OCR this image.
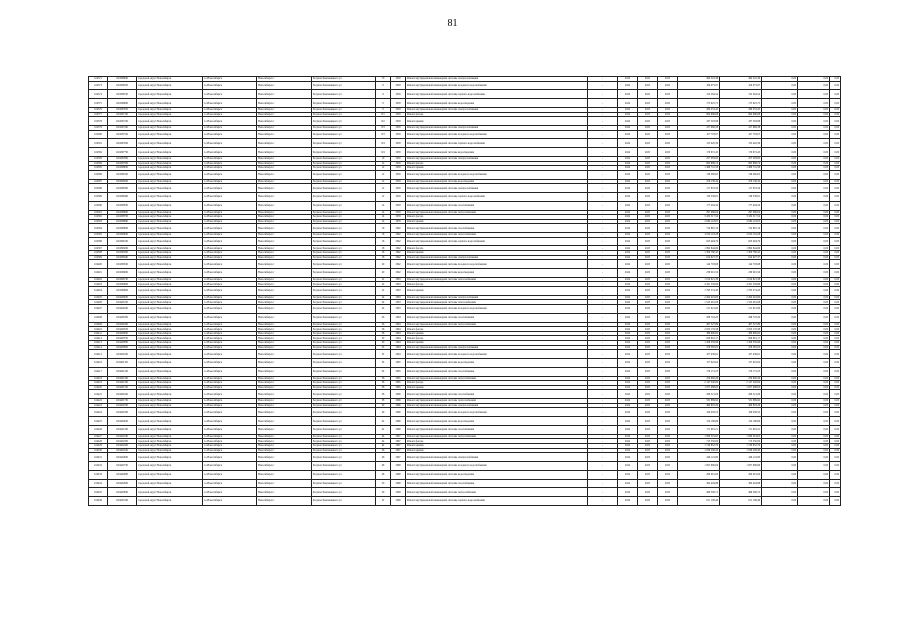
81
104372	1104396001	городской округ Новосибирск	г.о.Новосибирск	Новосибирск г	Богдана Хмельницкого ул	70	1959	Ремонт внутридомовой инженерной системы электроснабжения	-	2024	2025	2025	464 516,36	464 516,36	0,00	0,00	0,00
104373	1104396501	городской округ Новосибирск	г.о.Новосибирск	Новосибирск г	Богдана Хмельницкого ул	8	1958	Ремонт внутридомовой инженерной системы холодного водоснабжения	-	2024	2025	2025	109 075,87	109 075,87	0,00	0,00	0,00
104374	1104396701	городской округ Новосибирск	г.о.Новосибирск	Новосибирск г	Богдана Хмельницкого ул	8	1958	Ремонт внутридомовой инженерной системы горячего водоснабжения	-	2024	2025	2025	152 264,54	152 264,54	0,00	0,00	0,00
104375	1104396801	городской округ Новосибирск	г.о.Новосибирск	Новосибирск г	Богдана Хмельницкого ул	8	1958	Ремонт внутридомовой инженерной системы водоотведения	-	2024	2025	2025	175 625,75	175 625,75	0,00	0,00	0,00
104376	1104397001	городской округ Новосибирск	г.о.Новосибирск	Новосибирск г	Богдана Хмельницкого ул	8	1958	Ремонт внутридомовой инженерной системы электроснабжения	-	2024	2025	2025	280 253,45	280 253,45	0,00	0,00	0,00
104377	1104397101	городской округ Новосибирск	г.о.Новосибирск	Новосибирск г	Богдана Хмельницкого ул	8/1	1958	Ремонт фасада	-	2024	2025	2025	964 996,68	964 996,68	0,00	0,00	0,00
104378	1104397201	городской округ Новосибирск	г.о.Новосибирск	Новосибирск г	Богдана Хмельницкого ул	8/2	1958	Ремонт крыши	-	2024	2025	2025	187 593,98	187 593,98	0,00	0,00	0,00
104379	1104397401	городской округ Новосибирск	г.о.Новосибирск	Новосибирск г	Богдана Хмельницкого ул	8/3	1958	Ремонт внутридомовой инженерной системы электроснабжения	-	2024	2025	2025	417 966,38	417 966,38	0,00	0,00	0,00
104380	1104397501	городской округ Новосибирск	г.о.Новосибирск	Новосибирск г	Богдана Хмельницкого ул	8/3	1958	Ремонт внутридомовой инженерной системы холодного водоснабжения	-	2024	2025	2025	107 703,07	107 703,07	0,00	0,00	0,00
104381	1104397601	городской округ Новосибирск	г.о.Новосибирск	Новосибирск г	Богдана Хмельницкого ул	8/4	1958	Ремонт внутридомовой инженерной системы горячего водоснабжения	-	2024	2025	2025	153 420,39	153 420,39	0,00	0,00	0,00
104382	1104397701	городской округ Новосибирск	г.о.Новосибирск	Новосибирск г	Богдана Хмельницкого ул	8/4	1958	Ремонт внутридомовой инженерной системы водоотведения	-	2024	2025	2025	170 672,45	170 672,45	0,00	0,00	0,00
104383	1104397801	городской округ Новосибирск	г.о.Новосибирск	Новосибирск г	Богдана Хмельницкого ул	10	1959	Ремонт внутридомовой инженерной системы электроснабжения	-	2024	2025	2025	257 283,65	257 283,65	0,00	0,00	0,00
104384	1104397901	городской округ Новосибирск	г.о.Новосибирск	Новосибирск г	Богдана Хмельницкого ул	12	1959	Ремонт фасада	-	2024	2025	2025	965 889,74	965 889,74	0,00	0,00	0,00
104385	1104398001	городской округ Новосибирск	г.о.Новосибирск	Новосибирск г	Богдана Хмельницкого ул	12	1959	Ремонт крыши	-	2024	2025	2025	1 489 741,58	1 489 741,58	0,00	0,00	0,00
104386	1104398101	городской округ Новосибирск	г.о.Новосибирск	Новосибирск г	Богдана Хмельницкого ул	12	1959	Ремонт внутридомовой инженерной системы холодного водоснабжения	-	2024	2025	2025	139 260,65	139 260,65	0,00	0,00	0,00
104387	1104398201	городской округ Новосибирск	г.о.Новосибирск	Новосибирск г	Богдана Хмельницкого ул	12	1959	Ремонт внутридомовой инженерной системы водоотведения	-	2024	2025	2025	476 136,34	476 136,34	0,00	0,00	0,00
104388	1104398301	городской округ Новосибирск	г.о.Новосибирск	Новосибирск г	Богдана Хмельницкого ул	12	1959	Ремонт внутридомовой инженерной системы электроснабжения	-	2024	2025	2025	117 853,56	117 853,56	0,00	0,00	0,00
104389	1104398401	городской округ Новосибирск	г.о.Новосибирск	Новосибирск г	Богдана Хмельницкого ул	12	1959	Ремонт внутридомовой инженерной системы горячего водоснабжения	-	2024	2025	2025	139 538,81	139 538,81	0,00	0,00	0,00
104390	1104398501	городской округ Новосибирск	г.о.Новосибирск	Новосибирск г	Богдана Хмельницкого ул	14	1958	Ремонт внутридомовой инженерной системы газоснабжения	-	2024	2025	2025	177 404,34	177 404,34	0,00	0,00	0,00
104391	1104398601	городской округ Новосибирск	г.о.Новосибирск	Новосибирск г	Богдана Хмельницкого ул	14	1958	Ремонт внутридомовой инженерной системы теплоснабжения	-	2024	2025	2025	297 486,04	297 486,04	0,00	0,00	0,00
104392	1104398701	городской округ Новосибирск	г.о.Новосибирск	Новосибирск г	Богдана Хмельницкого ул	14	1958	Ремонт фасада	-	2024	2025	2025	3 432 517,54	3 432 517,54	0,00	0,00	0,00
104393	1104398801	городской округ Новосибирск	г.о.Новосибирск	Новосибирск г	Богдана Хмельницкого ул	14	1958	Ремонт крыши	-	2024	2025	2025	2 084 118,05	2 084 118,05	0,00	0,00	0,00
104394	1104398901	городской округ Новосибирск	г.о.Новосибирск	Новосибирск г	Богдана Хмельницкого ул	16	1962	Ремонт внутридомовой инженерной системы газоснабжения	-	2024	2025	2025	722 867,16	722 867,16	0,00	0,00	0,00
104395	1104399001	городской округ Новосибирск	г.о.Новосибирск	Новосибирск г	Богдана Хмельницкого ул	16	1962	Ремонт внутридомовой инженерной системы теплоснабжения	-	2024	2025	2025	2 054 116,28	2 054 116,28	0,00	0,00	0,00
104396	1104399101	городской округ Новосибирск	г.о.Новосибирск	Новосибирск г	Богдана Хмельницкого ул	16	1962	Ремонт внутридомовой инженерной системы горячего водоснабжения	-	2024	2025	2025	623 494,79	623 494,79	0,00	0,00	0,00
104397	1104399201	городской округ Новосибирск	г.о.Новосибирск	Новосибирск г	Богдана Хмельницкого ул	18	1962	Ремонт фасада	-	2024	2025	2025	1 892 844,69	1 892 844,69	0,00	0,00	0,00
104398	1104399301	городской округ Новосибирск	г.о.Новосибирск	Новосибирск г	Богдана Хмельницкого ул	18	1962	Ремонт крыши	-	2024	2025	2025	1 300 780,45	1 300 780,45	0,00	0,00	0,00
104399	1104399401	городской округ Новосибирск	г.о.Новосибирск	Новосибирск г	Богдана Хмельницкого ул	18	1962	Ремонт внутридомовой инженерной системы электроснабжения	-	2024	2025	2025	614 927,37	614 927,37	0,00	0,00	0,00
104400	1104399501	городской округ Новосибирск	г.о.Новосибирск	Новосибирск г	Богдана Хмельницкого ул	20	1962	Ремонт внутридомовой инженерной системы холодного водоснабжения	-	2024	2025	2025	144 703,68	144 703,68	0,00	0,00	0,00
104401	1104399601	городской округ Новосибирск	г.о.Новосибирск	Новосибирск г	Богдана Хмельницкого ул	20	1962	Ремонт внутридомовой инженерной системы водоотведения	-	2024	2025	2025	239 091,56	239 091,56	0,00	0,00	0,00
104402	1104399701	городской округ Новосибирск	г.о.Новосибирск	Новосибирск г	Богдана Хмельницкого ул	22	1963	Ремонт внутридомовой инженерной системы теплоснабжения	-	2024	2025	2025	1 014 621,38	1 014 621,38	0,00	0,00	0,00
104403	1104399801	городской округ Новосибирск	г.о.Новосибирск	Новосибирск г	Богдана Хмельницкого ул	22	1963	Ремонт фасада	-	2024	2025	2025	4 291 558,86	4 291 558,86	0,00	0,00	0,00
104404	1104399901	городской округ Новосибирск	г.о.Новосибирск	Новосибирск г	Богдана Хмельницкого ул	22	1963	Ремонт крыши	-	2024	2025	2025	1 793 574,43	1 793 574,43	0,00	0,00	0,00
104405	1104400001	городской округ Новосибирск	г.о.Новосибирск	Новосибирск г	Богдана Хмельницкого ул	24	1963	Ремонт внутридомовой инженерной системы электроснабжения	-	2024	2025	2025	2 204 419,60	2 204 419,60	0,00	0,00	0,00
104406	1104400101	городской округ Новосибирск	г.о.Новосибирск	Новосибирск г	Богдана Хмельницкого ул	24	1963	Ремонт внутридомовой инженерной системы теплоснабжения	-	2024	2025	2025	1 525 481,08	1 525 481,08	0,00	0,00	0,00
104407	1104400201	городской округ Новосибирск	г.о.Новосибирск	Новосибирск г	Богдана Хмельницкого ул	24	1963	Ремонт внутридомовой инженерной системы холодного водоснабжения	-	2024	2025	2025	211 921,80	211 921,80	0,00	0,00	0,00
104408	1104400301	городской округ Новосибирск	г.о.Новосибирск	Новосибирск г	Богдана Хмельницкого ул	26	1964	Ремонт внутридомовой инженерной системы газоснабжения	-	2024	2025	2025	268 718,20	268 718,20	0,00	0,00	0,00
104409	1104400401	городской округ Новосибирск	г.о.Новосибирск	Новосибирск г	Богдана Хмельницкого ул	26	1964	Ремонт внутридомовой инженерной системы теплоснабжения	-	2024	2025	2025	467 327,89	467 327,89	0,00	0,00	0,00
104410	1104400501	городской округ Новосибирск	г.о.Новосибирск	Новосибирск г	Богдана Хмельницкого ул	28	1964	Ремонт фасада	-	2024	2025	2025	2 053 176,38	2 053 176,38	0,00	0,00	0,00
104411	1104400601	городской округ Новосибирск	г.о.Новосибирск	Новосибирск г	Богдана Хмельницкого ул	28	1964	Ремонт крыши	-	2024	2025	2025	386 990,82	386 990,82	0,00	0,00	0,00
104412	1104400701	городской округ Новосибирск	г.о.Новосибирск	Новосибирск г	Богдана Хмельницкого ул	30	1964	Ремонт фасада	-	2024	2025	2025	826 891,17	826 891,17	0,00	0,00	0,00
104413	1104400801	городской округ Новосибирск	г.о.Новосибирск	Новосибирск г	Богдана Хмельницкого ул	30	1964	Ремонт крыши	-	2024	2025	2025	1 426 359,96	1 426 359,96	0,00	0,00	0,00
104414	1104400901	городской округ Новосибирск	г.о.Новосибирск	Новосибирск г	Богдана Хмельницкого ул	32	1964	Ремонт внутридомовой инженерной системы электроснабжения	-	2024	2025	2025	476 365,05	476 365,05	0,00	0,00	0,00
104415	1104401001	городской округ Новосибирск	г.о.Новосибирск	Новосибирск г	Богдана Хмельницкого ул	32	1964	Ремонт внутридомовой инженерной системы холодного водоснабжения	-	2024	2025	2025	107 439,81	107 439,81	0,00	0,00	0,00
104416	1104401101	городской округ Новосибирск	г.о.Новосибирск	Новосибирск г	Богдана Хмельницкого ул	34	1965	Ремонт внутридомовой инженерной системы водоотведения	-	2024	2025	2025	157 022,62	157 022,62	0,00	0,00	0,00
104417	1104401201	городской округ Новосибирск	г.о.Новосибирск	Новосибирск г	Богдана Хмельницкого ул	34	1965	Ремонт внутридомовой инженерной системы газоснабжения	-	2024	2025	2025	176 172,23	176 172,23	0,00	0,00	0,00
104418	1104401301	городской округ Новосибирск	г.о.Новосибирск	Новосибирск г	Богдана Хмельницкого ул	36	1965	Ремонт внутридомовой инженерной системы теплоснабжения	-	2024	2025	2025	250 900,29	250 900,29	0,00	0,00	0,00
104419	1104401401	городской округ Новосибирск	г.о.Новосибирск	Новосибирск г	Богдана Хмельницкого ул	36	1965	Ремонт фасада	-	2024	2025	2025	2 147 540,84	2 147 540,84	0,00	0,00	0,00
104420	1104401501	городской округ Новосибирск	г.о.Новосибирск	Новосибирск г	Богдана Хмельницкого ул	36	1965	Ремонт крыши	-	2024	2025	2025	1 057 488,63	1 057 488,63	0,00	0,00	0,00
104421	1104401601	городской округ Новосибирск	г.о.Новосибирск	Новосибирск г	Богдана Хмельницкого ул	38	1966	Ремонт внутридомовой инженерной системы газоснабжения	-	2024	2025	2025	266 521,06	266 521,06	0,00	0,00	0,00
104422	1104401701	городской округ Новосибирск	г.о.Новосибирск	Новосибирск г	Богдана Хмельницкого ул	38	1966	Ремонт внутридомовой инженерной системы теплоснабжения	-	2024	2025	2025	531 889,92	531 889,92	0,00	0,00	0,00
104423	1104401801	городской округ Новосибирск	г.о.Новосибирск	Новосибирск г	Богдана Хмельницкого ул	40	1966	Ремонт внутридомовой инженерной системы электроснабжения	-	2024	2025	2025	460 803,29	460 803,29	0,00	0,00	0,00
104424	1104401901	городской округ Новосибирск	г.о.Новосибирск	Новосибирск г	Богдана Хмельницкого ул	40	1966	Ремонт внутридомовой инженерной системы холодного водоснабжения	-	2024	2025	2025	109 458,53	109 458,53	0,00	0,00	0,00
104425	1104402001	городской округ Новосибирск	г.о.Новосибирск	Новосибирск г	Богдана Хмельницкого ул	42	1966	Ремонт внутридомовой инженерной системы водоотведения	-	2024	2025	2025	154 186,69	154 186,69	0,00	0,00	0,00
104426	1104402101	городской округ Новосибирск	г.о.Новосибирск	Новосибирск г	Богдана Хмельницкого ул	42	1966	Ремонт внутридомовой инженерной системы газоснабжения	-	2024	2025	2025	171 681,21	171 681,21	0,00	0,00	0,00
104427	1104402201	городской округ Новосибирск	г.о.Новосибирск	Новосибирск г	Богдана Хмельницкого ул	44	1967	Ремонт внутридомовой инженерной системы теплоснабжения	-	2024	2025	2025	1 090 319,65	1 090 319,65	0,00	0,00	0,00
104428	1104402301	городской округ Новосибирск	г.о.Новосибирск	Новосибирск г	Богдана Хмельницкого ул	44	1967	Ремонт фасада	-	2024	2025	2025	713 550,00	713 550,00	0,00	0,00	0,00
104429	1104402401	городской округ Новосибирск	г.о.Новосибирск	Новосибирск г	Богдана Хмельницкого ул	44	1967	Ремонт крыши	-	2024	2025	2025	1 740 852,79	1 740 852,79	0,00	0,00	0,00
104430	1104402501	городской округ Новосибирск	г.о.Новосибирск	Новосибирск г	Богдана Хмельницкого ул	46	1967	Ремонт крыши	-	2024	2025	2025	1 636 208,40	1 636 208,40	0,00	0,00	0,00
104431	1104402601	городской округ Новосибирск	г.о.Новосибирск	Новосибирск г	Богдана Хмельницкого ул	46	1967	Ремонт внутридомовой инженерной системы электроснабжения	-	2024	2025	2025	446 122,80	446 122,80	0,00	0,00	0,00
104432	1104402701	городской округ Новосибирск	г.о.Новосибирск	Новосибирск г	Богдана Хмельницкого ул	48	1968	Ремонт внутридомовой инженерной системы холодного водоснабжения	-	2024	2025	2025	1 097 996,66	1 097 996,66	0,00	0,00	0,00
104433	1104402801	городской округ Новосибирск	г.о.Новосибирск	Новосибирск г	Богдана Хмельницкого ул	48	1968	Ремонт внутридомовой инженерной системы водоотведения	-	2024	2025	2025	290 091,84	290 091,84	0,00	0,00	0,00
104434	1104402901	городской округ Новосибирск	г.о.Новосибирск	Новосибирск г	Богдана Хмельницкого ул	50	1968	Ремонт внутридомовой инженерной системы газоснабжения	-	2024	2025	2025	364 404,88	364 404,88	0,00	0,00	0,00
104435	1104403001	городской округ Новосибирск	г.о.Новосибирск	Новосибирск г	Богдана Хмельницкого ул	50	1968	Ремонт внутридомовой инженерной системы теплоснабжения	-	2024	2025	2025	469 306,72	469 306,72	0,00	0,00	0,00
104436	1104403101	городской округ Новосибирск	г.о.Новосибирск	Новосибирск г	Богдана Хмельницкого ул	52	1968	Ремонт внутридомовой инженерной системы горячего водоснабжения	-	2024	2025	2025	611 108,46	611 108,46	0,00	0,00	0,00
